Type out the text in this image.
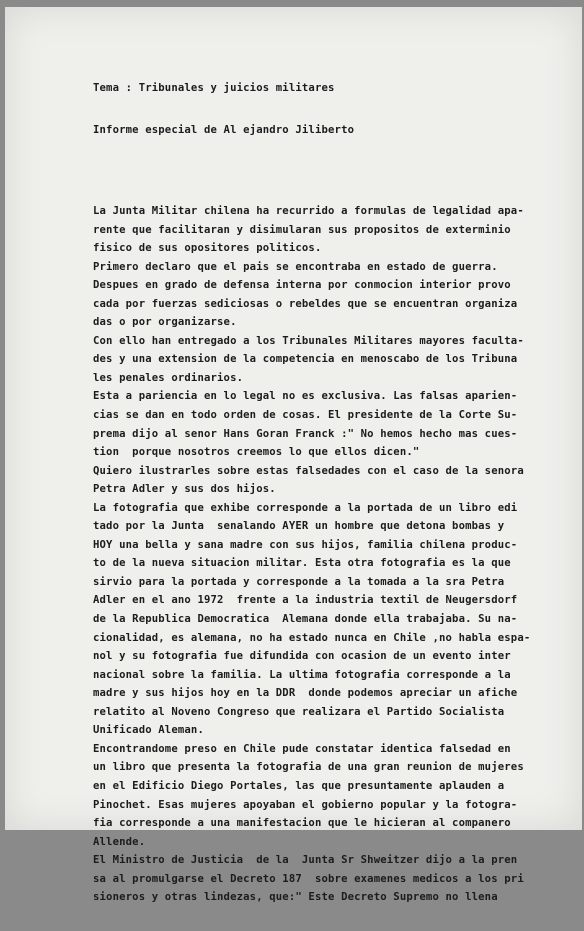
Tema : Tribunales y juicios militares

Informe especial de Al ejandro Jiliberto

La Junta Militar chilena ha recurrido a formulas de legalidad apa-
rente que facilitaran y disimularan sus propositos de exterminio
fisico de sus opositores politicos.
Primero declaro que el pais se encontraba en estado de guerra.
Despues en grado de defensa interna por conmocion interior provo
cada por fuerzas sediciosas o rebeldes que se encuentran organiza
das o por organizarse.
Con ello han entregado a los Tribunales Militares mayores faculta-
des y una extension de la competencia en menoscabo de los Tribuna
les penales ordinarios.
Esta a pariencia en lo legal no es exclusiva. Las falsas aparien-
cias se dan en todo orden de cosas. El presidente de la Corte Su-
prema dijo al senor Hans Goran Franck :" No hemos hecho mas cues-
tion  porque nosotros creemos lo que ellos dicen."
Quiero ilustrarles sobre estas falsedades con el caso de la senora
Petra Adler y sus dos hijos.
La fotografia que exhibe corresponde a la portada de un libro edi
tado por la Junta  senalando AYER un hombre que detona bombas y
HOY una bella y sana madre con sus hijos, familia chilena produc-
to de la nueva situacion militar. Esta otra fotografia es la que
sirvio para la portada y corresponde a la tomada a la sra Petra
Adler en el ano 1972  frente a la industria textil de Neugersdorf
de la Republica Democratica  Alemana donde ella trabajaba. Su na-
cionalidad, es alemana, no ha estado nunca en Chile ,no habla espa-
nol y su fotografia fue difundida con ocasion de un evento inter
nacional sobre la familia. La ultima fotografia corresponde a la
madre y sus hijos hoy en la DDR  donde podemos apreciar un afiche
relatito al Noveno Congreso que realizara el Partido Socialista
Unificado Aleman.
Encontrandome preso en Chile pude constatar identica falsedad en
un libro que presenta la fotografia de una gran reunion de mujeres
en el Edificio Diego Portales, las que presuntamente aplauden a
Pinochet. Esas mujeres apoyaban el gobierno popular y la fotogra-
fia corresponde a una manifestacion que le hicieran al companero
Allende.
El Ministro de Justicia  de la  Junta Sr Shweitzer dijo a la pren
sa al promulgarse el Decreto 187  sobre examenes medicos a los pri
sioneros y otras lindezas, que:" Este Decreto Supremo no llena
